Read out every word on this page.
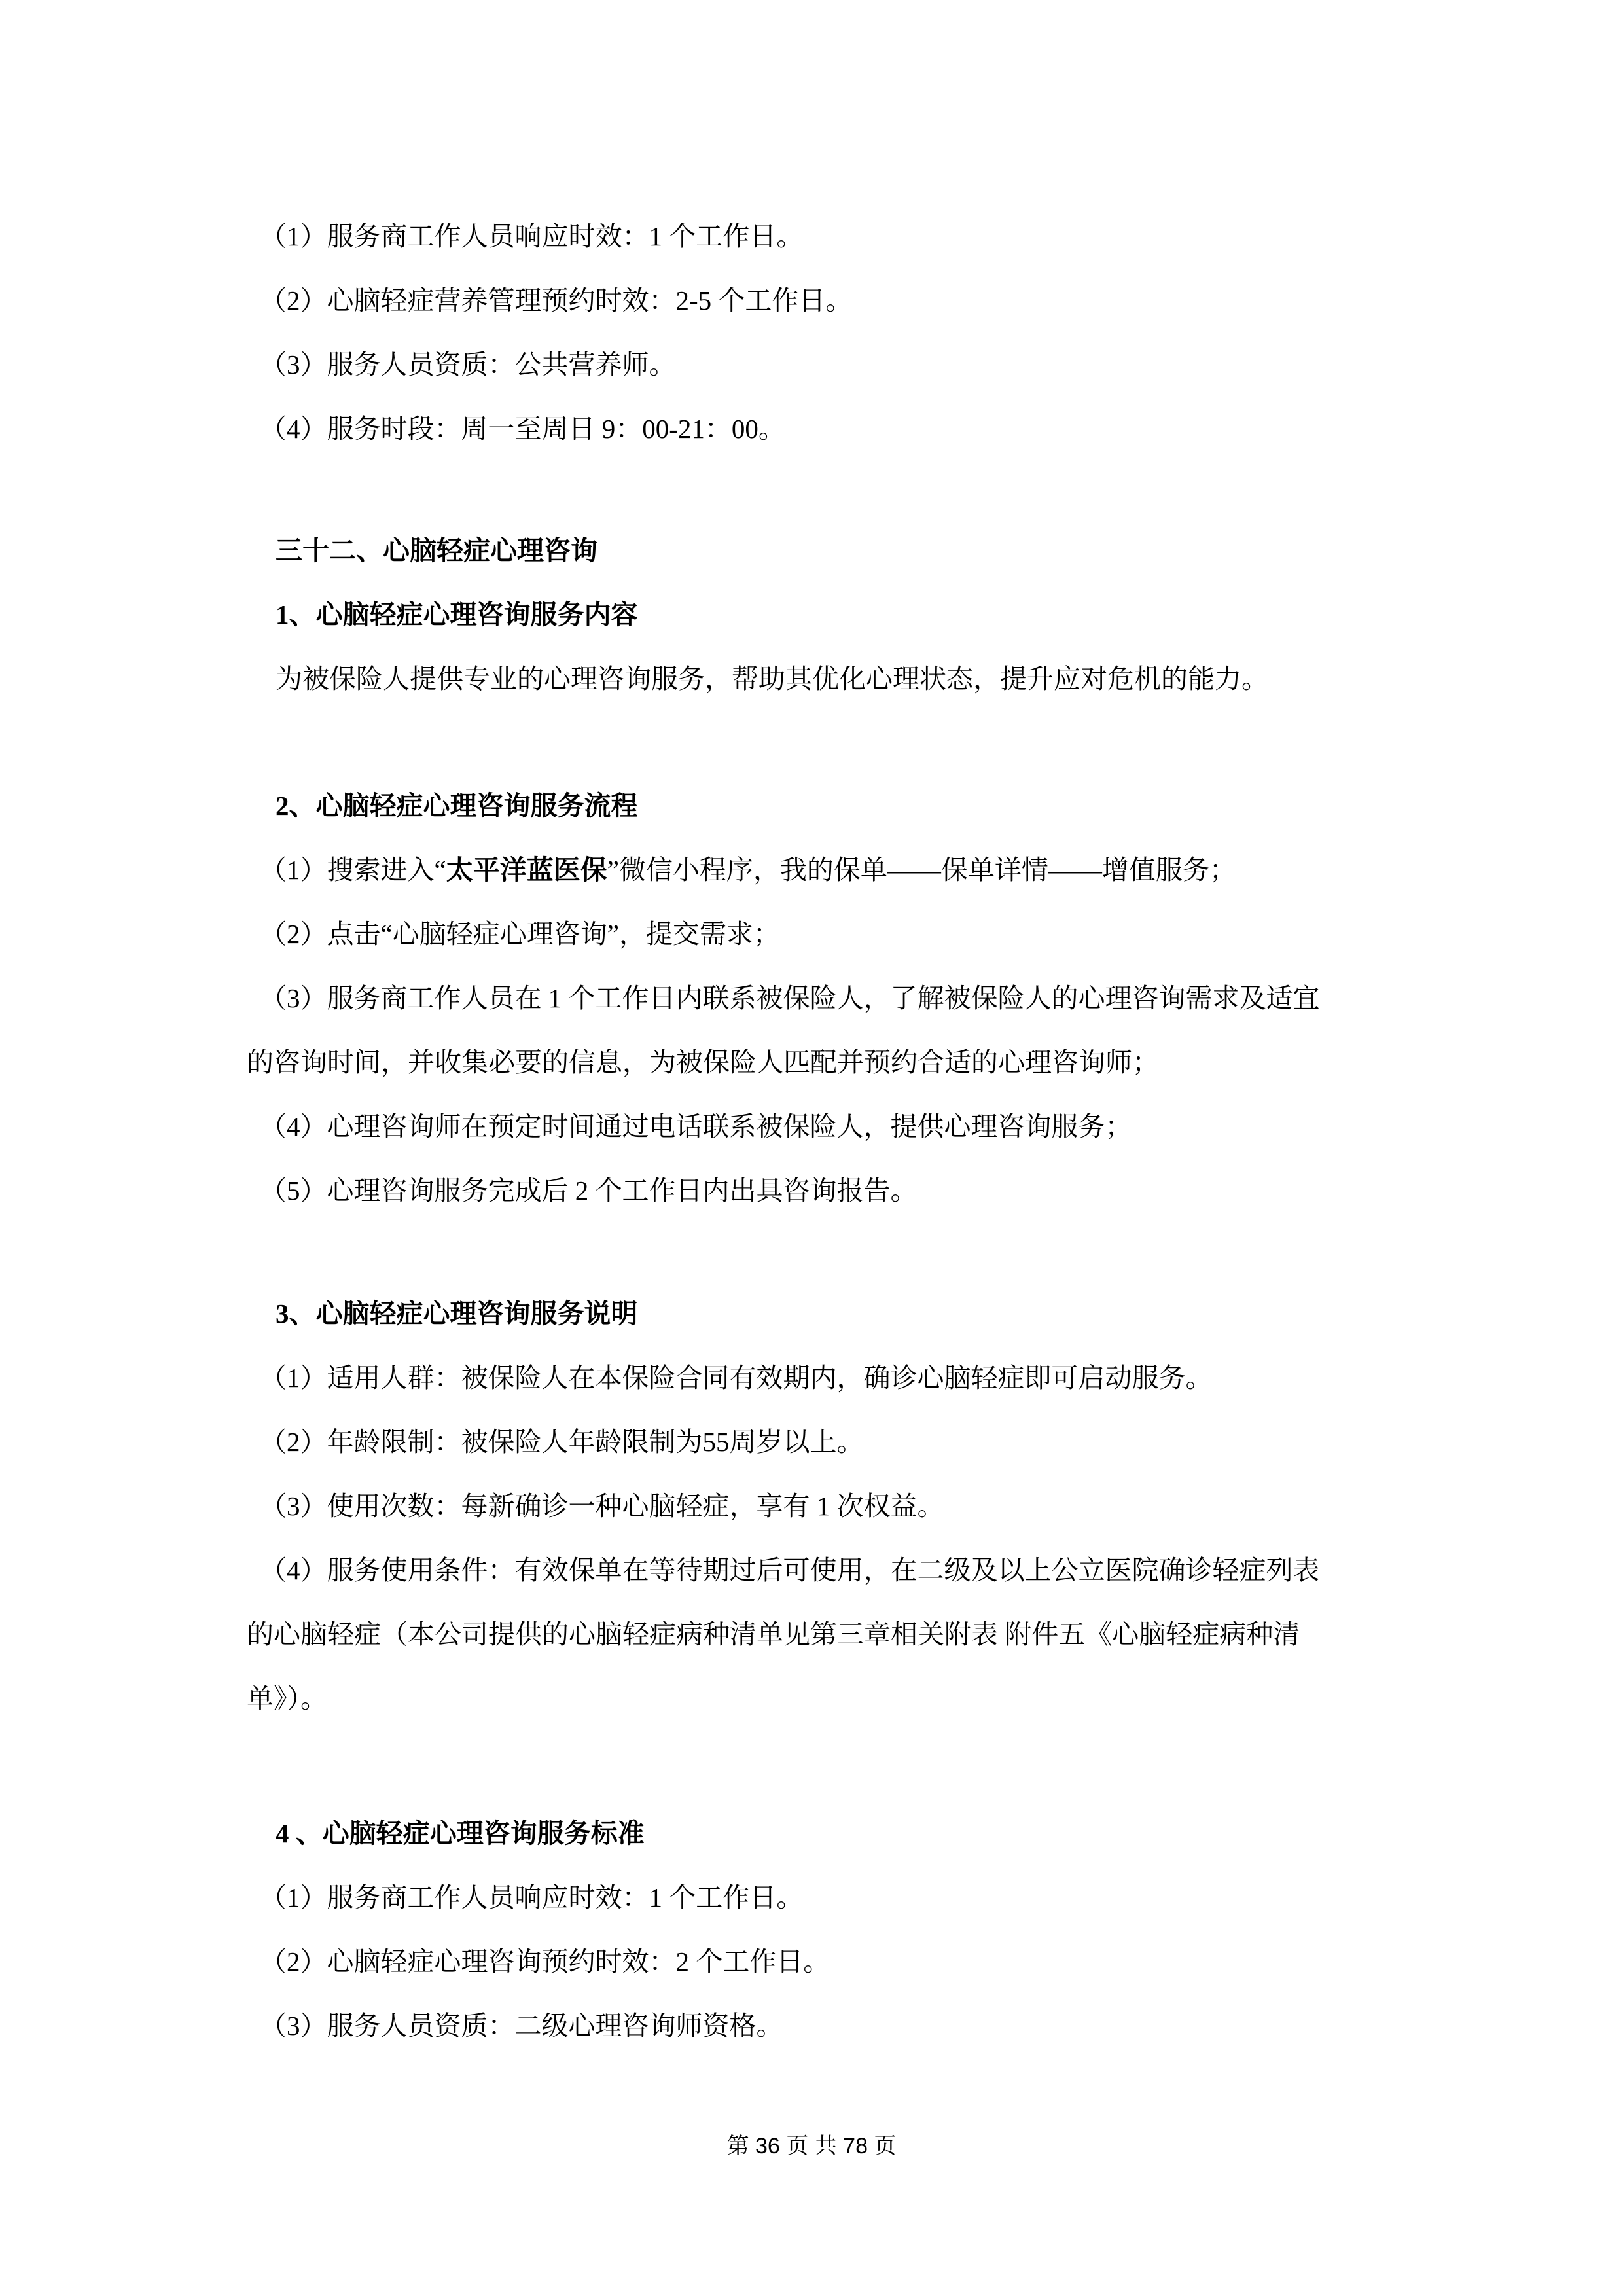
（1）服务商工作人员响应时效：1 个工作日。

（2）心脑轻症营养管理预约时效：2-5 个工作日。

（3）服务人员资质：公共营养师。

（4）服务时段：周一至周日 9：00-21：00。

三十二、心脑轻症心理咨询
1、心脑轻症心理咨询服务内容

为被保险人提供专业的心理咨询服务，帮助其优化心理状态，提升应对危机的能力。

2、心脑轻症心理咨询服务流程

（1）搜索进入“太平洋蓝医保”微信小程序，我的保单——保单详情——增值服务；

（2）点击“心脑轻症心理咨询”，提交需求；

（3）服务商工作人员在 1 个工作日内联系被保险人，了解被保险人的心理咨询需求及适宜

的咨询时间，并收集必要的信息，为被保险人匹配并预约合适的心理咨询师；

（4）心理咨询师在预定时间通过电话联系被保险人，提供心理咨询服务；

（5）心理咨询服务完成后 2 个工作日内出具咨询报告。

3、心脑轻症心理咨询服务说明

（1）适用人群：被保险人在本保险合同有效期内，确诊心脑轻症即可启动服务。

（2）年龄限制：被保险人年龄限制为55周岁以上。

（3）使用次数：每新确诊一种心脑轻症，享有 1 次权益。

（4）服务使用条件：有效保单在等待期过后可使用，在二级及以上公立医院确诊轻症列表

的心脑轻症（本公司提供的心脑轻症病种清单见第三章相关附表 附件五《心脑轻症病种清

单》）。

4 、心脑轻症心理咨询服务标准

（1）服务商工作人员响应时效：1 个工作日。

（2）心脑轻症心理咨询预约时效：2 个工作日。

（3）服务人员资质：二级心理咨询师资格。

第 36 页 共 78 页
